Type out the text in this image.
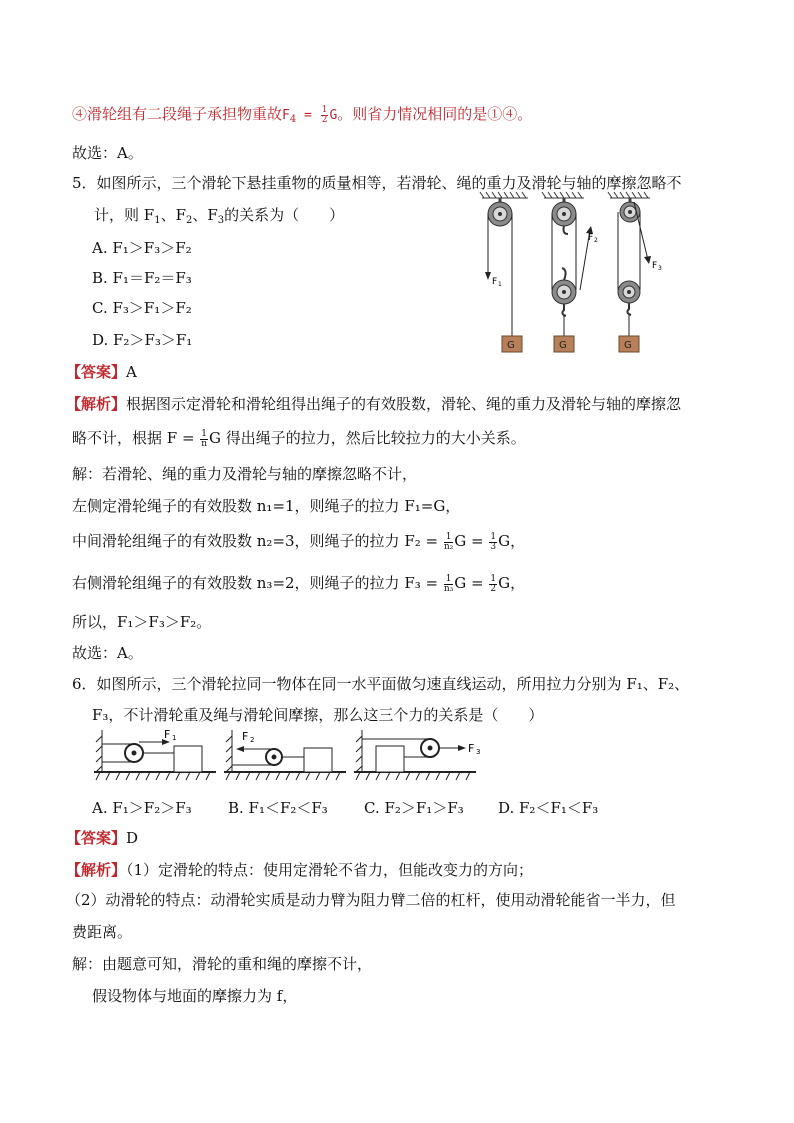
④滑轮组有二段绳子承担物重故$F_4 = \frac{1}{2}$ G。则省力情况相同的是①④。
故选：A。
5．如图所示，三个滑轮下悬挂重物的质量相等，若滑轮、绳的重力及滑轮与轴的摩擦忽略不
计，则 $F_1$、$F_2$、$F_3$的关系为（　　）
A. F₁＞F₃＞F₂
B. F₁＝F₂＝F₃
C. F₃＞F₁＞F₂
D. F₂＞F₃＞F₁
F 1
G
F 2
G
F 3
G
【答案】A
【解析】根据图示定滑轮和滑轮组得出绳子的有效股数，滑轮、绳的重力及滑轮与轴的摩擦忽
略不计，根据 $F = \frac{1}{n}$ G 得出绳子的拉力，然后比较拉力的大小关系。
解：若滑轮、绳的重力及滑轮与轴的摩擦忽略不计，
左侧定滑轮绳子的有效股数 n₁=1，则绳子的拉力 F₁=G，
中间滑轮组绳子的有效股数 n₂=3，则绳子的拉力 $F_2 = \frac{1}{\text{n₂}}$ $G = \frac{1}{3}$ G，
右侧滑轮组绳子的有效股数 n₃=2，则绳子的拉力 $F_3 = \frac{1}{\text{n₃}}$ $G = \frac{1}{2}$ G，
所以，F₁＞F₃＞F₂。
故选：A。
6．如图所示，三个滑轮拉同一物体在同一水平面做匀速直线运动，所用拉力分别为 F₁、F₂、
F₃，不计滑轮重及绳与滑轮间摩擦，那么这三个力的关系是（　　）
F 1	F 2
F 3
A. F₁＞F₂＞F₃ B. F₁＜F₂＜F₃ C. F₂＞F₁＞F₃ D. F₂＜F₁＜F₃
【答案】D
【解析】（1）定滑轮的特点：使用定滑轮不省力，但能改变力的方向；
（2）动滑轮的特点：动滑轮实质是动力臂为阻力臂二倍的杠杆，使用动滑轮能省一半力，但
费距离。
解：由题意可知，滑轮的重和绳的摩擦不计，
假设物体与地面的摩擦力为 f，
